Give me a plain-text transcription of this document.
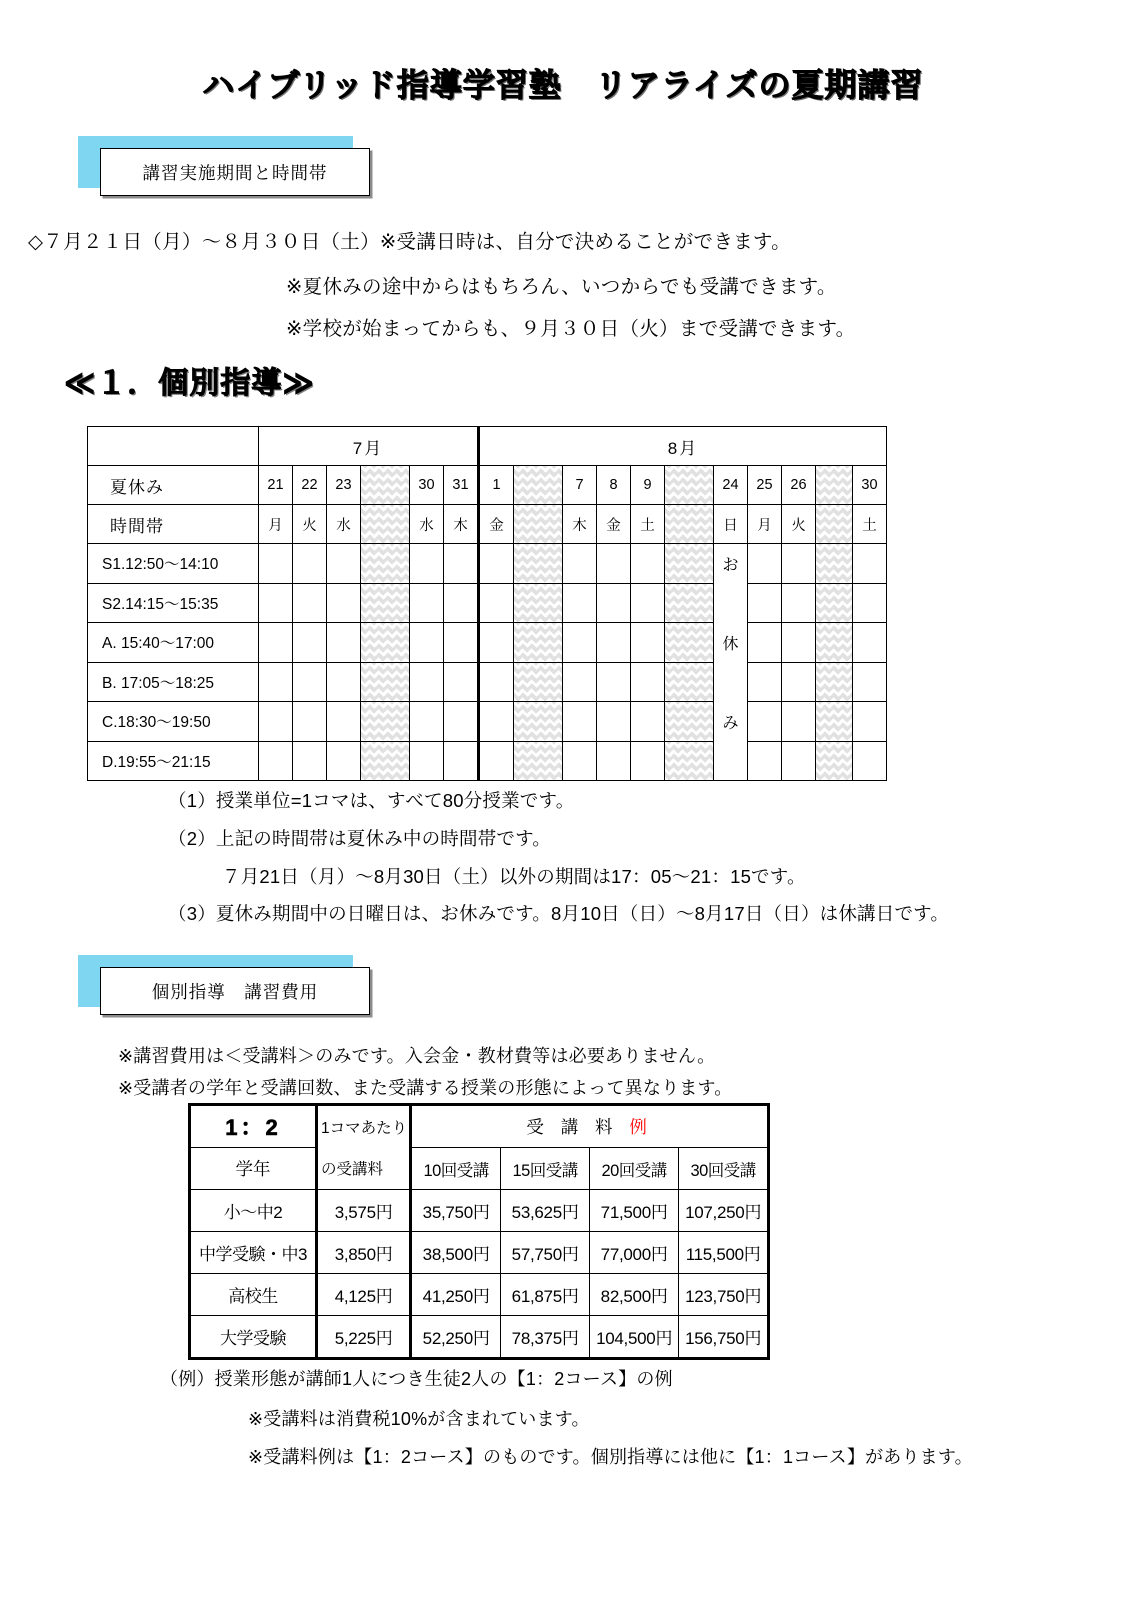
ハイブリッド指導学習塾　リアライズの夏期講習
講習実施期間と時間帯
◇７月２１日（月）～８月３０日（土）※受講日時は、自分で決めることができます。
※夏休みの途中からはもちろん、いつからでも受講できます。
※学校が始まってからも、９月３０日（火）まで受講できます。
≪１．個別指導≫
	7月						8月										
夏休み	21	22	23		30	31	1		7	8	9		24	25	26		30
時間帯	月	火	水		水	木	金		木	金	土		日	月	火		土
S1.12:50～14:10													お			

S2.14:15～15:35				

A. 15:40～17:00													休			

B. 17:05～18:25				

C.18:30～19:50													み			

D.19:55～21:15				

（1）授業単位=1コマは、すべて80分授業です。
（2）上記の時間帯は夏休み中の時間帯です。
７月21日（月）～8月30日（土）以外の期間は17：05～21：15です。
（3）夏休み期間中の日曜日は、お休みです。8月10日（日）～8月17日（日）は休講日です。
個別指導　講習費用
※講習費用は＜受講料＞のみです。入会金・教材費等は必要ありません。
※受講者の学年と受講回数、また受講する授業の形態によって異なります。
1：2	1コマあたり	受 講 料 例			
学年	の受講料	10回受講	15回受講	20回受講	30回受講
小～中2	3,575円	35,750円	53,625円	71,500円	107,250円
中学受験・中3	3,850円	38,500円	57,750円	77,000円	115,500円
高校生	4,125円	41,250円	61,875円	82,500円	123,750円
大学受験	5,225円	52,250円	78,375円	104,500円	156,750円
（例）授業形態が講師1人につき生徒2人の【1：2コース】の例
※受講料は消費税10%が含まれています。
※受講料例は【1：2コース】のものです。個別指導には他に【1：1コース】があります。
